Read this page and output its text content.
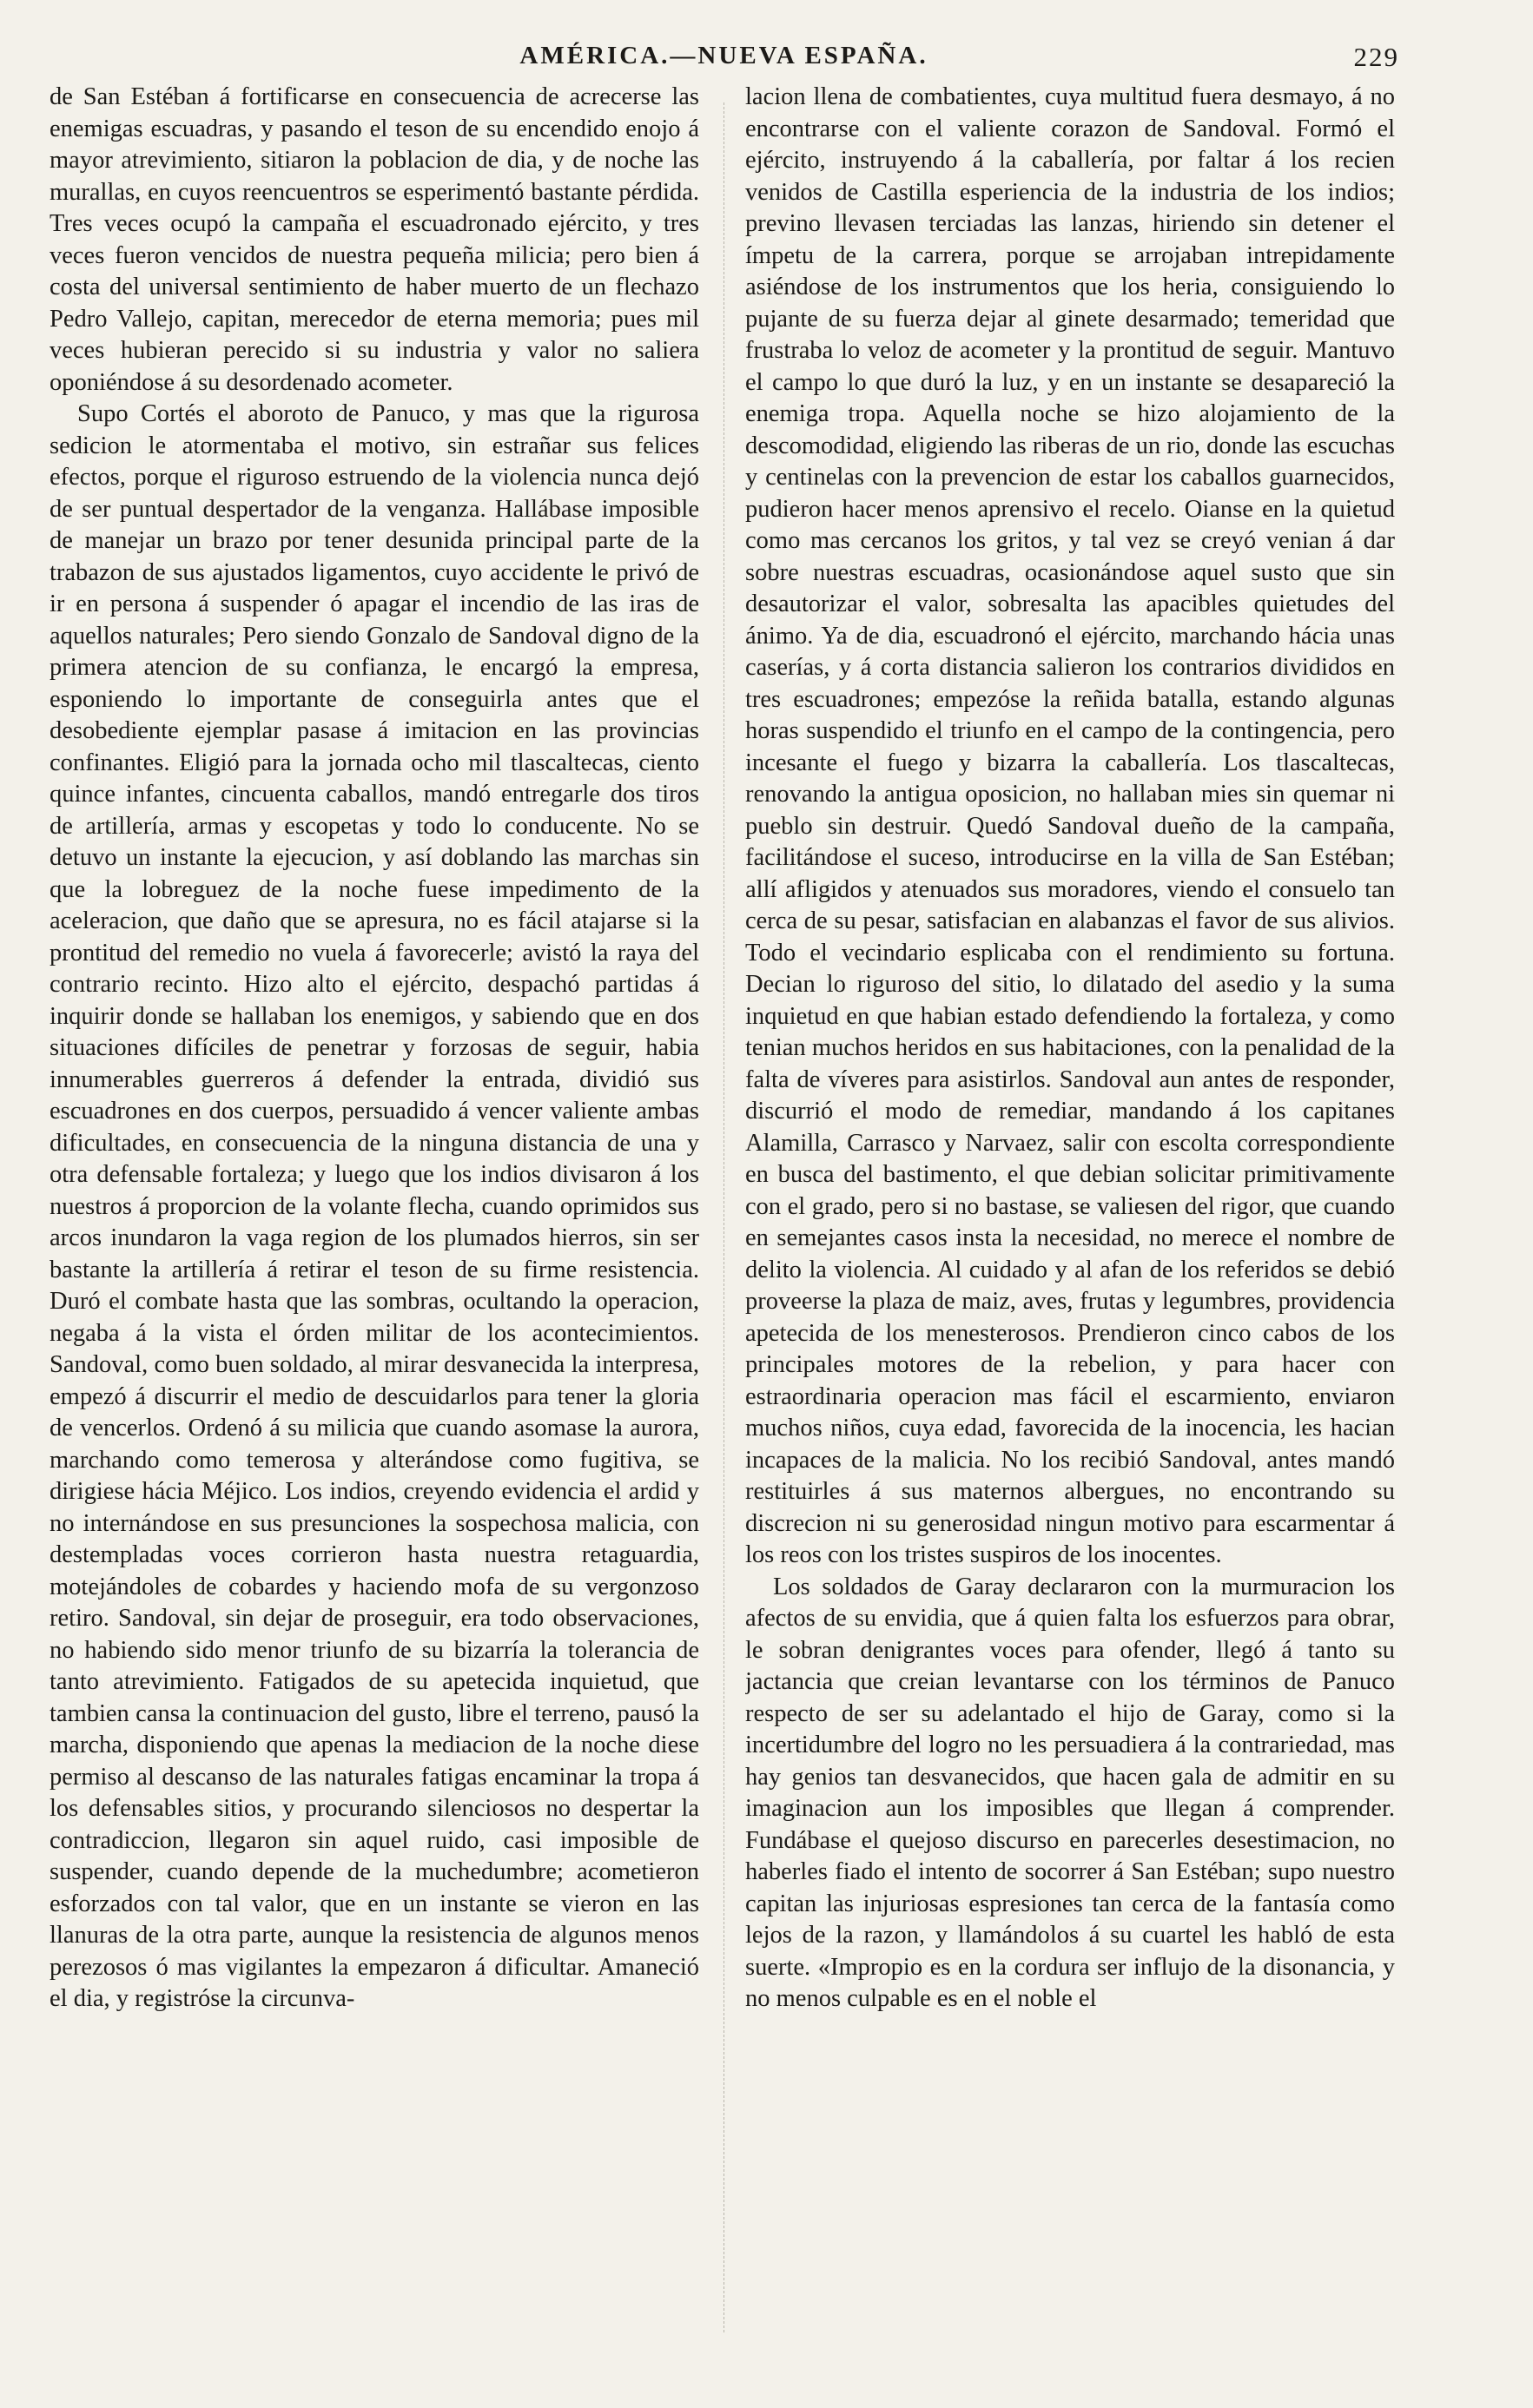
AMÉRICA.—NUEVA ESPAÑA.	229

de San Estéban á fortificarse en consecuencia de acrecerse las enemigas escuadras, y pasando el teson de su encendido enojo á mayor atrevimiento, sitiaron la poblacion de dia, y de noche las murallas, en cuyos reencuentros se esperimentó bastante pérdida. Tres veces ocupó la campaña el escuadronado ejército, y tres veces fueron vencidos de nuestra pequeña milicia; pero bien á costa del universal sentimiento de haber muerto de un flechazo Pedro Vallejo, capitan, merecedor de eterna memoria; pues mil veces hubieran perecido si su industria y valor no saliera oponiéndose á su desordenado acometer.

Supo Cortés el aboroto de Panuco, y mas que la rigurosa sedicion le atormentaba el motivo, sin estrañar sus felices efectos, porque el riguroso estruendo de la violencia nunca dejó de ser puntual despertador de la venganza. Hallábase imposible de manejar un brazo por tener desunida principal parte de la trabazon de sus ajustados ligamentos, cuyo accidente le privó de ir en persona á suspender ó apagar el incendio de las iras de aquellos naturales; Pero siendo Gonzalo de Sandoval digno de la primera atencion de su confianza, le encargó la empresa, esponiendo lo importante de conseguirla antes que el desobediente ejemplar pasase á imitacion en las provincias confinantes. Eligió para la jornada ocho mil tlascaltecas, ciento quince infantes, cincuenta caballos, mandó entregarle dos tiros de artillería, armas y escopetas y todo lo conducente. No se detuvo un instante la ejecucion, y así doblando las marchas sin que la lobreguez de la noche fuese impedimento de la aceleracion, que daño que se apresura, no es fácil atajarse si la prontitud del remedio no vuela á favorecerle; avistó la raya del contrario recinto. Hizo alto el ejército, despachó partidas á inquirir donde se hallaban los enemigos, y sabiendo que en dos situaciones difíciles de penetrar y forzosas de seguir, habia innumerables guerreros á defender la entrada, dividió sus escuadrones en dos cuerpos, persuadido á vencer valiente ambas dificultades, en consecuencia de la ninguna distancia de una y otra defensable fortaleza; y luego que los indios divisaron á los nuestros á proporcion de la volante flecha, cuando oprimidos sus arcos inundaron la vaga region de los plumados hierros, sin ser bastante la artillería á retirar el teson de su firme resistencia. Duró el combate hasta que las sombras, ocultando la operacion, negaba á la vista el órden militar de los acontecimientos. Sandoval, como buen soldado, al mirar desvanecida la interpresa, empezó á discurrir el medio de descuidarlos para tener la gloria de vencerlos. Ordenó á su milicia que cuando asomase la aurora, marchando como temerosa y alterándose como fugitiva, se dirigiese hácia Méjico. Los indios, creyendo evidencia el ardid y no internándose en sus presunciones la sospechosa malicia, con destempladas voces corrieron hasta nuestra retaguardia, motejándoles de cobardes y haciendo mofa de su vergonzoso retiro. Sandoval, sin dejar de proseguir, era todo observaciones, no habiendo sido menor triunfo de su bizarría la tolerancia de tanto atrevimiento. Fatigados de su apetecida inquietud, que tambien cansa la continuacion del gusto, libre el terreno, pausó la marcha, disponiendo que apenas la mediacion de la noche diese permiso al descanso de las naturales fatigas encaminar la tropa á los defensables sitios, y procurando silenciosos no despertar la contradiccion, llegaron sin aquel ruido, casi imposible de suspender, cuando depende de la muchedumbre; acometieron esforzados con tal valor, que en un instante se vieron en las llanuras de la otra parte, aunque la resistencia de algunos menos perezosos ó mas vigilantes la empezaron á dificultar. Amaneció el dia, y registróse la circunva-

lacion llena de combatientes, cuya multitud fuera desmayo, á no encontrarse con el valiente corazon de Sandoval. Formó el ejército, instruyendo á la caballería, por faltar á los recien venidos de Castilla esperiencia de la industria de los indios; previno llevasen terciadas las lanzas, hiriendo sin detener el ímpetu de la carrera, porque se arrojaban intrepidamente asiéndose de los instrumentos que los heria, consiguiendo lo pujante de su fuerza dejar al ginete desarmado; temeridad que frustraba lo veloz de acometer y la prontitud de seguir. Mantuvo el campo lo que duró la luz, y en un instante se desapareció la enemiga tropa. Aquella noche se hizo alojamiento de la descomodidad, eligiendo las riberas de un rio, donde las escuchas y centinelas con la prevencion de estar los caballos guarnecidos, pudieron hacer menos aprensivo el recelo. Oianse en la quietud como mas cercanos los gritos, y tal vez se creyó venian á dar sobre nuestras escuadras, ocasionándose aquel susto que sin desautorizar el valor, sobresalta las apacibles quietudes del ánimo. Ya de dia, escuadronó el ejército, marchando hácia unas caserías, y á corta distancia salieron los contrarios divididos en tres escuadrones; empezóse la reñida batalla, estando algunas horas suspendido el triunfo en el campo de la contingencia, pero incesante el fuego y bizarra la caballería. Los tlascaltecas, renovando la antigua oposicion, no hallaban mies sin quemar ni pueblo sin destruir. Quedó Sandoval dueño de la campaña, facilitándose el suceso, introducirse en la villa de San Estéban; allí afligidos y atenuados sus moradores, viendo el consuelo tan cerca de su pesar, satisfacian en alabanzas el favor de sus alivios. Todo el vecindario esplicaba con el rendimiento su fortuna. Decian lo riguroso del sitio, lo dilatado del asedio y la suma inquietud en que habian estado defendiendo la fortaleza, y como tenian muchos heridos en sus habitaciones, con la penalidad de la falta de víveres para asistirlos. Sandoval aun antes de responder, discurrió el modo de remediar, mandando á los capitanes Alamilla, Carrasco y Narvaez, salir con escolta correspondiente en busca del bastimento, el que debian solicitar primitivamente con el grado, pero si no bastase, se valiesen del rigor, que cuando en semejantes casos insta la necesidad, no merece el nombre de delito la violencia. Al cuidado y al afan de los referidos se debió proveerse la plaza de maiz, aves, frutas y legumbres, providencia apetecida de los menesterosos. Prendieron cinco cabos de los principales motores de la rebelion, y para hacer con estraordinaria operacion mas fácil el escarmiento, enviaron muchos niños, cuya edad, favorecida de la inocencia, les hacian incapaces de la malicia. No los recibió Sandoval, antes mandó restituirles á sus maternos albergues, no encontrando su discrecion ni su generosidad ningun motivo para escarmentar á los reos con los tristes suspiros de los inocentes.

Los soldados de Garay declararon con la murmuracion los afectos de su envidia, que á quien falta los esfuerzos para obrar, le sobran denigrantes voces para ofender, llegó á tanto su jactancia que creian levantarse con los términos de Panuco respecto de ser su adelantado el hijo de Garay, como si la incertidumbre del logro no les persuadiera á la contrariedad, mas hay genios tan desvanecidos, que hacen gala de admitir en su imaginacion aun los imposibles que llegan á comprender. Fundábase el quejoso discurso en parecerles desestimacion, no haberles fiado el intento de socorrer á San Estéban; supo nuestro capitan las injuriosas espresiones tan cerca de la fantasía como lejos de la razon, y llamándolos á su cuartel les habló de esta suerte. «Impropio es en la cordura ser influjo de la disonancia, y no menos culpable es en el noble el
